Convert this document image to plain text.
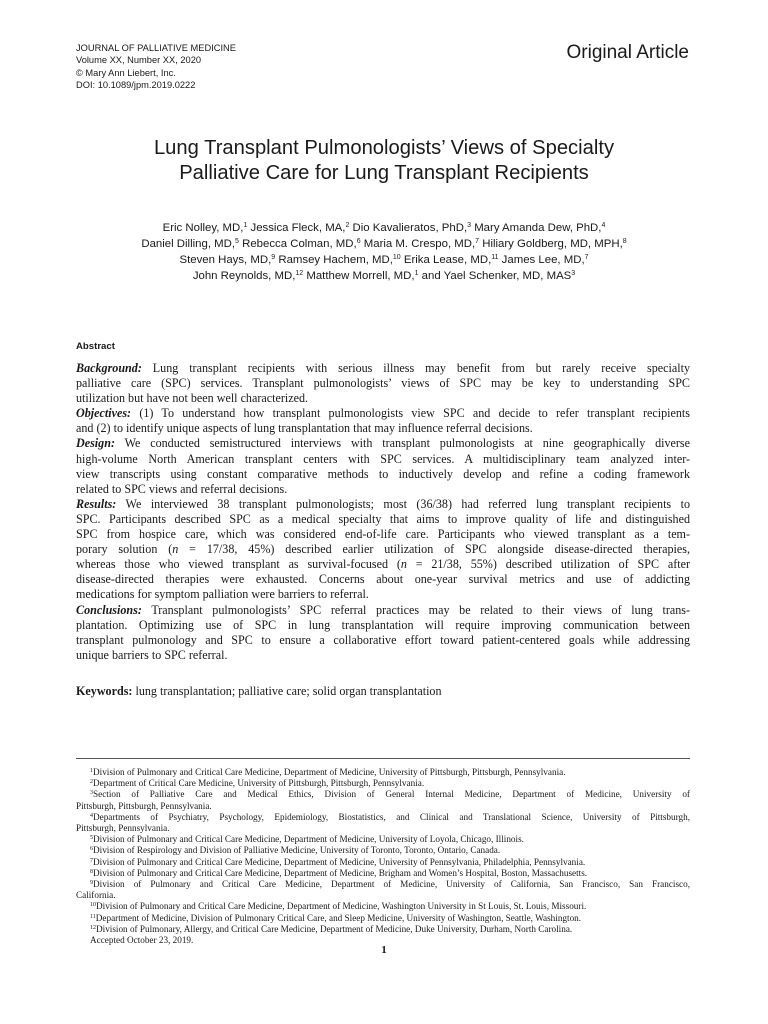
JOURNAL OF PALLIATIVE MEDICINE
Volume XX, Number XX, 2020
© Mary Ann Liebert, Inc.
DOI: 10.1089/jpm.2019.0222
Original Article
Lung Transplant Pulmonologists’ Views of Specialty
Palliative Care for Lung Transplant Recipients
Eric Nolley, MD,$^1$ Jessica Fleck, MA,$^2$ Dio Kavalieratos, PhD,$^3$ Mary Amanda Dew, PhD,$^4$
Daniel Dilling, MD,$^5$ Rebecca Colman, MD,$^6$ Maria M. Crespo, MD,$^7$ Hiliary Goldberg, MD, MPH,$^8$
Steven Hays, MD,$^9$ Ramsey Hachem, MD,$^{10}$ Erika Lease, MD,$^{11}$ James Lee, MD,$^7$
John Reynolds, MD,$^{12}$ Matthew Morrell, MD,$^1$ and Yael Schenker, MD, MAS$^3$
Abstract
Background: Lung transplant recipients with serious illness may benefit from but rarely receive specialty
palliative care (SPC) services. Transplant pulmonologists’ views of SPC may be key to understanding SPC
utilization but have not been well characterized.
Objectives: (1) To understand how transplant pulmonologists view SPC and decide to refer transplant recipients
and (2) to identify unique aspects of lung transplantation that may influence referral decisions.
Design: We conducted semistructured interviews with transplant pulmonologists at nine geographically diverse
high-volume North American transplant centers with SPC services. A multidisciplinary team analyzed inter-
view transcripts using constant comparative methods to inductively develop and refine a coding framework
related to SPC views and referral decisions.
Results: We interviewed 38 transplant pulmonologists; most (36/38) had referred lung transplant recipients to
SPC. Participants described SPC as a medical specialty that aims to improve quality of life and distinguished
SPC from hospice care, which was considered end-of-life care. Participants who viewed transplant as a tem-
porary solution (n = 17/38, 45%) described earlier utilization of SPC alongside disease-directed therapies,
whereas those who viewed transplant as survival-focused (n = 21/38, 55%) described utilization of SPC after
disease-directed therapies were exhausted. Concerns about one-year survival metrics and use of addicting
medications for symptom palliation were barriers to referral.
Conclusions: Transplant pulmonologists’ SPC referral practices may be related to their views of lung trans-
plantation. Optimizing use of SPC in lung transplantation will require improving communication between
transplant pulmonology and SPC to ensure a collaborative effort toward patient-centered goals while addressing
unique barriers to SPC referral.
Keywords: lung transplantation; palliative care; solid organ transplantation
$^1$Division of Pulmonary and Critical Care Medicine, Department of Medicine, University of Pittsburgh, Pittsburgh, Pennsylvania.
$^2$Department of Critical Care Medicine, University of Pittsburgh, Pittsburgh, Pennsylvania.
$^3$Section of Palliative Care and Medical Ethics, Division of General Internal Medicine, Department of Medicine, University of
Pittsburgh, Pittsburgh, Pennsylvania.
$^4$Departments of Psychiatry, Psychology, Epidemiology, Biostatistics, and Clinical and Translational Science, University of Pittsburgh,
Pittsburgh, Pennsylvania.
$^5$Division of Pulmonary and Critical Care Medicine, Department of Medicine, University of Loyola, Chicago, Illinois.
$^6$Division of Respirology and Division of Palliative Medicine, University of Toronto, Toronto, Ontario, Canada.
$^7$Division of Pulmonary and Critical Care Medicine, Department of Medicine, University of Pennsylvania, Philadelphia, Pennsylvania.
$^8$Division of Pulmonary and Critical Care Medicine, Department of Medicine, Brigham and Women’s Hospital, Boston, Massachusetts.
$^9$Division of Pulmonary and Critical Care Medicine, Department of Medicine, University of California, San Francisco, San Francisco,
California.
$^{10}$Division of Pulmonary and Critical Care Medicine, Department of Medicine, Washington University in St Louis, St. Louis, Missouri.
$^{11}$Department of Medicine, Division of Pulmonary Critical Care, and Sleep Medicine, University of Washington, Seattle, Washington.
$^{12}$Division of Pulmonary, Allergy, and Critical Care Medicine, Department of Medicine, Duke University, Durham, North Carolina.
Accepted October 23, 2019.
1
